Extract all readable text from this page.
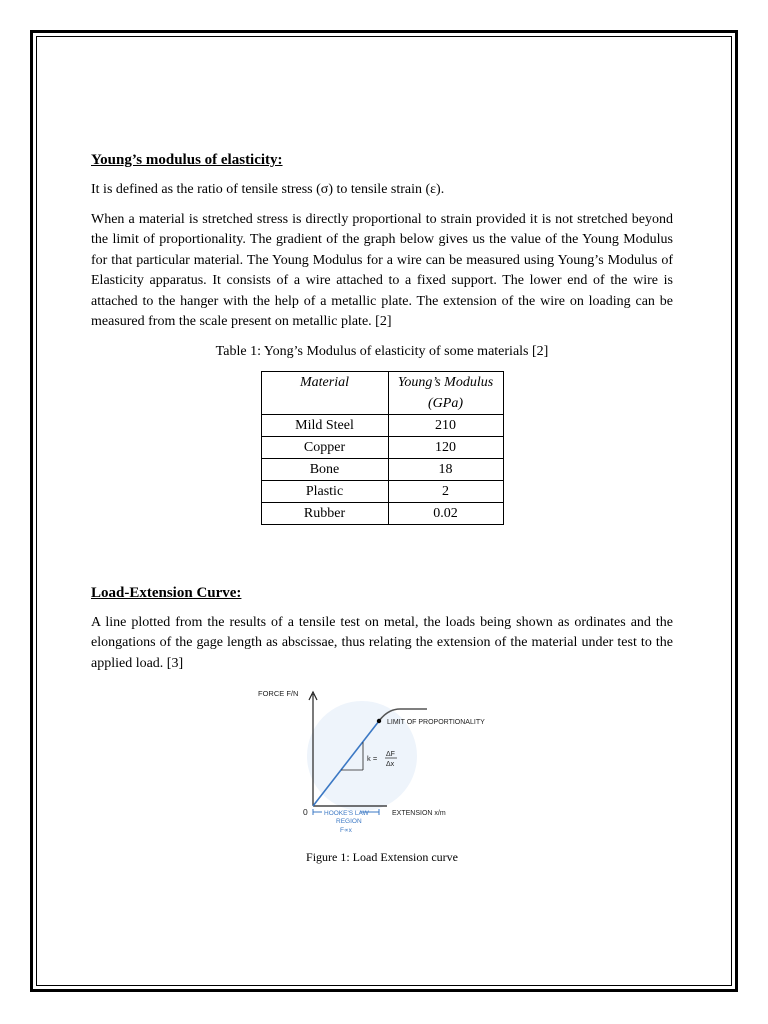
Young’s modulus of elasticity:

It is defined as the ratio of tensile stress (σ) to tensile strain (ε).

When a material is stretched stress is directly proportional to strain provided it is not stretched beyond the limit of proportionality. The gradient of the graph below gives us the value of the Young Modulus for that particular material. The Young Modulus for a wire can be measured using Young’s Modulus of Elasticity apparatus. It consists of a wire attached to a fixed support. The lower end of the wire is attached to the hanger with the help of a metallic plate. The extension of the wire on loading can be measured from the scale present on metallic plate. [2]

Table 1: Yong’s Modulus of elasticity of some materials [2]
Material	Young’s Modulus (GPa)
Mild Steel	210
Copper	120
Bone	18
Plastic	2
Rubber	0.02
Load-Extension Curve:

A line plotted from the results of a tensile test on metal, the loads being shown as ordinates and the elongations of the gage length as abscissae, thus relating the extension of the material under test to the applied load. [3]

FORCE F/N
0	EXTENSION x/m
LIMIT OF PROPORTIONALITY
k = ΔF
Δx
HOOKE'S LAW
REGION
F∝x
Figure 1: Load Extension curve
